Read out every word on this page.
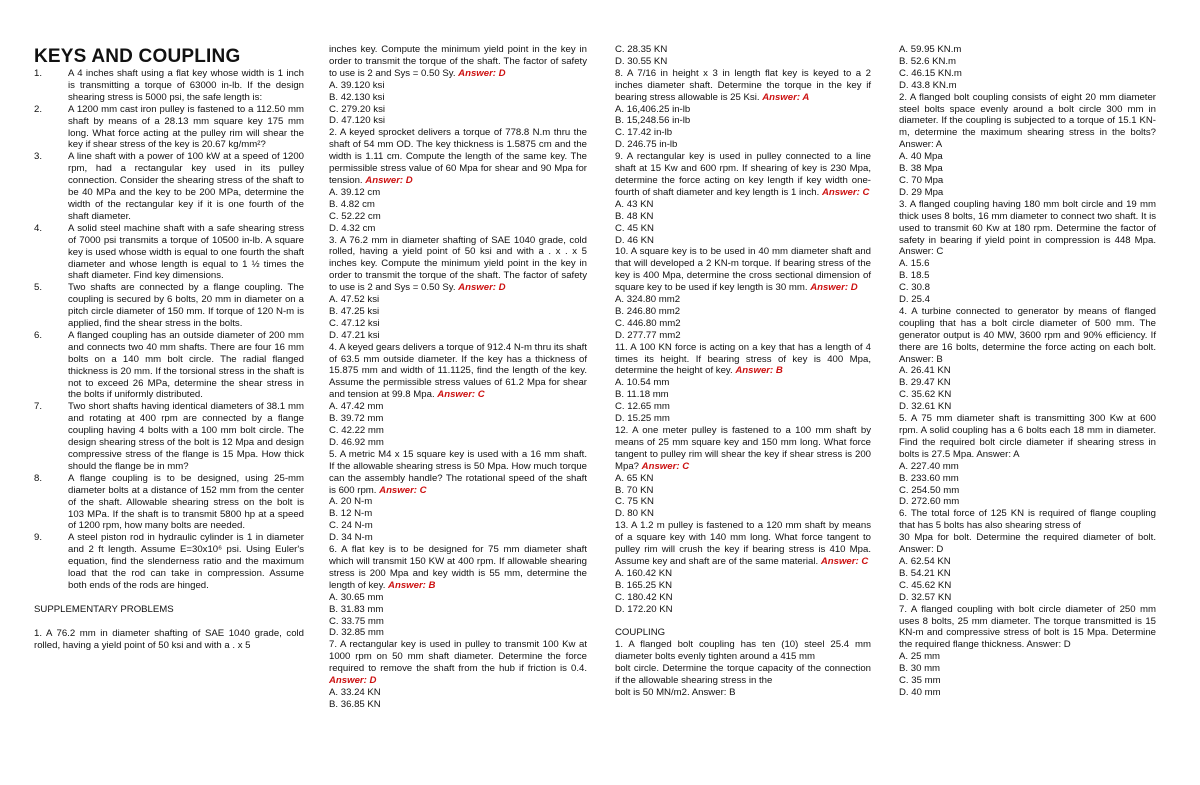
KEYS AND COUPLING

1.	A 4 inches shaft using a flat key whose width is 1 inch is transmitting a torque of 63000 in-lb. If the design shearing stress is 5000 psi, the safe length is:
2.	A 1200 mm cast iron pulley is fastened to a 112.50 mm shaft by means of a 28.13 mm square key 175 mm long. What force acting at the pulley rim will shear the key if shear stress of the key is 20.67 kg/mm²?
3.	A line shaft with a power of 100 kW at a speed of 1200 rpm, had a rectangular key used in its pulley connection. Consider the shearing stress of the shaft to be 40 MPa and the key to be 200 MPa, determine the width of the rectangular key if it is one fourth of the shaft diameter.
4.	A solid steel machine shaft with a safe shearing stress of 7000 psi transmits a torque of 10500 in-lb. A square key is used whose width is equal to one fourth the shaft diameter and whose length is equal to 1 ½ times the shaft diameter. Find key dimensions.
5.	Two shafts are connected by a flange coupling. The coupling is secured by 6 bolts, 20 mm in diameter on a pitch circle diameter of 150 mm. If torque of 120 N-m is applied, find the shear stress in the bolts.
6.	A flanged coupling has an outside diameter of 200 mm and connects two 40 mm shafts. There are four 16 mm bolts on a 140 mm bolt circle. The radial flanged thickness is 20 mm. If the torsional stress in the shaft is not to exceed 26 MPa, determine the shear stress in the bolts if uniformly distributed.
7.	Two short shafts having identical diameters of 38.1 mm and rotating at 400 rpm are connected by a flange coupling having 4 bolts with a 100 mm bolt circle. The design shearing stress of the bolt is 12 Mpa and design compressive stress of the flange is 15 Mpa. How thick should the flange be in mm?
8.	A flange coupling is to be designed, using 25-mm diameter bolts at a distance of 152 mm from the center of the shaft. Allowable shearing stress on the bolt is 103 MPa. If the shaft is to transmit 5800 hp at a speed of 1200 rpm, how many bolts are needed.
9.	A steel piston rod in hydraulic cylinder is 1 in diameter and 2 ft length. Assume E=30x10⁶ psi. Using Euler's equation, find the slenderness ratio and the maximum load that the rod can take in compression. Assume both ends of the rods are hinged.

SUPPLEMENTARY PROBLEMS

1. A 76.2 mm in diameter shafting of SAE 1040 grade, cold rolled, having a yield point of 50 ksi and with a . x 5

inches key. Compute the minimum yield point in the key in order to transmit the torque of the shaft. The factor of safety to use is 2 and Sys = 0.50 Sy. Answer: D

A. 39.120 ksi

B. 42.130 ksi

C. 279.20 ksi

D. 47.120 ksi

2. A keyed sprocket delivers a torque of 778.8 N.m thru the shaft of 54 mm OD. The key thickness is 1.5875 cm and the width is 1.11 cm. Compute the length of the same key. The permissible stress value of 60 Mpa for shear and 90 Mpa for tension. Answer: D

A. 39.12 cm

B. 4.82 cm

C. 52.22 cm

D. 4.32 cm

3. A 76.2 mm in diameter shafting of SAE 1040 grade, cold rolled, having a yield point of 50 ksi and with a . x . x 5 inches key. Compute the minimum yield point in the key in order to transmit the torque of the shaft. The factor of safety to use is 2 and Sys = 0.50 Sy. Answer: D

A. 47.52 ksi

B. 47.25 ksi

C. 47.12 ksi

D. 47.21 ksi

4. A keyed gears delivers a torque of 912.4 N-m thru its shaft of 63.5 mm outside diameter. If the key has a thickness of 15.875 mm and width of 11.1125, find the length of the key. Assume the permissible stress values of 61.2 Mpa for shear and tension at 99.8 Mpa. Answer: C

A. 47.42 mm

B. 39.72 mm

C. 42.22 mm

D. 46.92 mm

5. A metric M4 x 15 square key is used with a 16 mm shaft. If the allowable shearing stress is 50 Mpa. How much torque can the assembly handle? The rotational speed of the shaft is 600 rpm. Answer: C

A. 20 N-m

B. 12 N-m

C. 24 N-m

D. 34 N-m

6. A flat key is to be designed for 75 mm diameter shaft which will transmit 150 KW at 400 rpm. If allowable shearing stress is 200 Mpa and key width is 55 mm, determine the length of key. Answer: B

A. 30.65 mm

B. 31.83 mm

C. 33.75 mm

D. 32.85 mm

7. A rectangular key is used in pulley to transmit 100 Kw at 1000 rpm on 50 mm shaft diameter. Determine the force required to remove the shaft from the hub if friction is 0.4. Answer: D

A. 33.24 KN

B. 36.85 KN

C. 28.35 KN

D. 30.55 KN

8. A 7/16 in height x 3 in length flat key is keyed to a 2 inches diameter shaft. Determine the torque in the key if bearing stress allowable is 25 Ksi. Answer: A

A. 16,406.25 in-lb

B. 15,248.56 in-lb

C. 17.42 in-lb

D. 246.75 in-lb

9. A rectangular key is used in pulley connected to a line shaft at 15 Kw and 600 rpm. If shearing of key is 230 Mpa, determine the force acting on key length if key width one-fourth of shaft diameter and key length is 1 inch. Answer: C

A. 43 KN

B. 48 KN

C. 45 KN

D. 46 KN

10. A square key is to be used in 40 mm diameter shaft and that will developed a 2 KN-m torque. If bearing stress of the key is 400 Mpa, determine the cross sectional dimension of square key to be used if key length is 30 mm. Answer: D

A. 324.80 mm2

B. 246.80 mm2

C. 446.80 mm2

D. 277.77 mm2

11. A 100 KN force is acting on a key that has a length of 4 times its height. If bearing stress of key is 400 Mpa, determine the height of key. Answer: B

A. 10.54 mm

B. 11.18 mm

C. 12.65 mm

D. 15.25 mm

12. A one meter pulley is fastened to a 100 mm shaft by means of 25 mm square key and 150 mm long. What force tangent to pulley rim will shear the key if shear stress is 200 Mpa? Answer: C

A. 65 KN

B. 70 KN

C. 75 KN

D. 80 KN

13. A 1.2 m pulley is fastened to a 120 mm shaft by means of a square key with 140 mm long. What force tangent to pulley rim will crush the key if bearing stress is 410 Mpa. Assume key and shaft are of the same material. Answer: C

A. 160.42 KN

B. 165.25 KN

C. 180.42 KN

D. 172.20 KN

COUPLING

1. A flanged bolt coupling has ten (10) steel 25.4 mm diameter bolts evenly tighten around a 415 mm

bolt circle. Determine the torque capacity of the connection if the allowable shearing stress in the

bolt is 50 MN/m2. Answer: B

A. 59.95 KN.m

B. 52.6 KN.m

C. 46.15 KN.m

D. 43.8 KN.m

2. A flanged bolt coupling consists of eight 20 mm diameter steel bolts space evenly around a bolt circle 300 mm in diameter. If the coupling is subjected to a torque of 15.1 KN-m, determine the maximum shearing stress in the bolts? Answer: A

A. 40 Mpa

B. 38 Mpa

C. 70 Mpa

D. 29 Mpa

3. A flanged coupling having 180 mm bolt circle and 19 mm thick uses 8 bolts, 16 mm diameter to connect two shaft. It is used to transmit 60 Kw at 180 rpm. Determine the factor of safety in bearing if yield point in compression is 448 Mpa. Answer: C

A. 15.6

B. 18.5

C. 30.8

D. 25.4

4. A turbine connected to generator by means of flanged coupling that has a bolt circle diameter of 500 mm. The generator output is 40 MW, 3600 rpm and 90% efficiency. If there are 16 bolts, determine the force acting on each bolt. Answer: B

A. 26.41 KN

B. 29.47 KN

C. 35.62 KN

D. 32.61 KN

5. A 75 mm diameter shaft is transmitting 300 Kw at 600 rpm. A solid coupling has a 6 bolts each 18 mm in diameter. Find the required bolt circle diameter if shearing stress in bolts is 27.5 Mpa. Answer: A

A. 227.40 mm

B. 233.60 mm

C. 254.50 mm

D. 272.60 mm

6. The total force of 125 KN is required of flange coupling that has 5 bolts has also shearing stress of

30 Mpa for bolt. Determine the required diameter of bolt. Answer: D

A. 62.54 KN

B. 54.21 KN

C. 45.62 KN

D. 32.57 KN

7. A flanged coupling with bolt circle diameter of 250 mm uses 8 bolts, 25 mm diameter. The torque transmitted is 15 KN-m and compressive stress of bolt is 15 Mpa. Determine the required flange thickness. Answer: D

A. 25 mm

B. 30 mm

C. 35 mm

D. 40 mm
